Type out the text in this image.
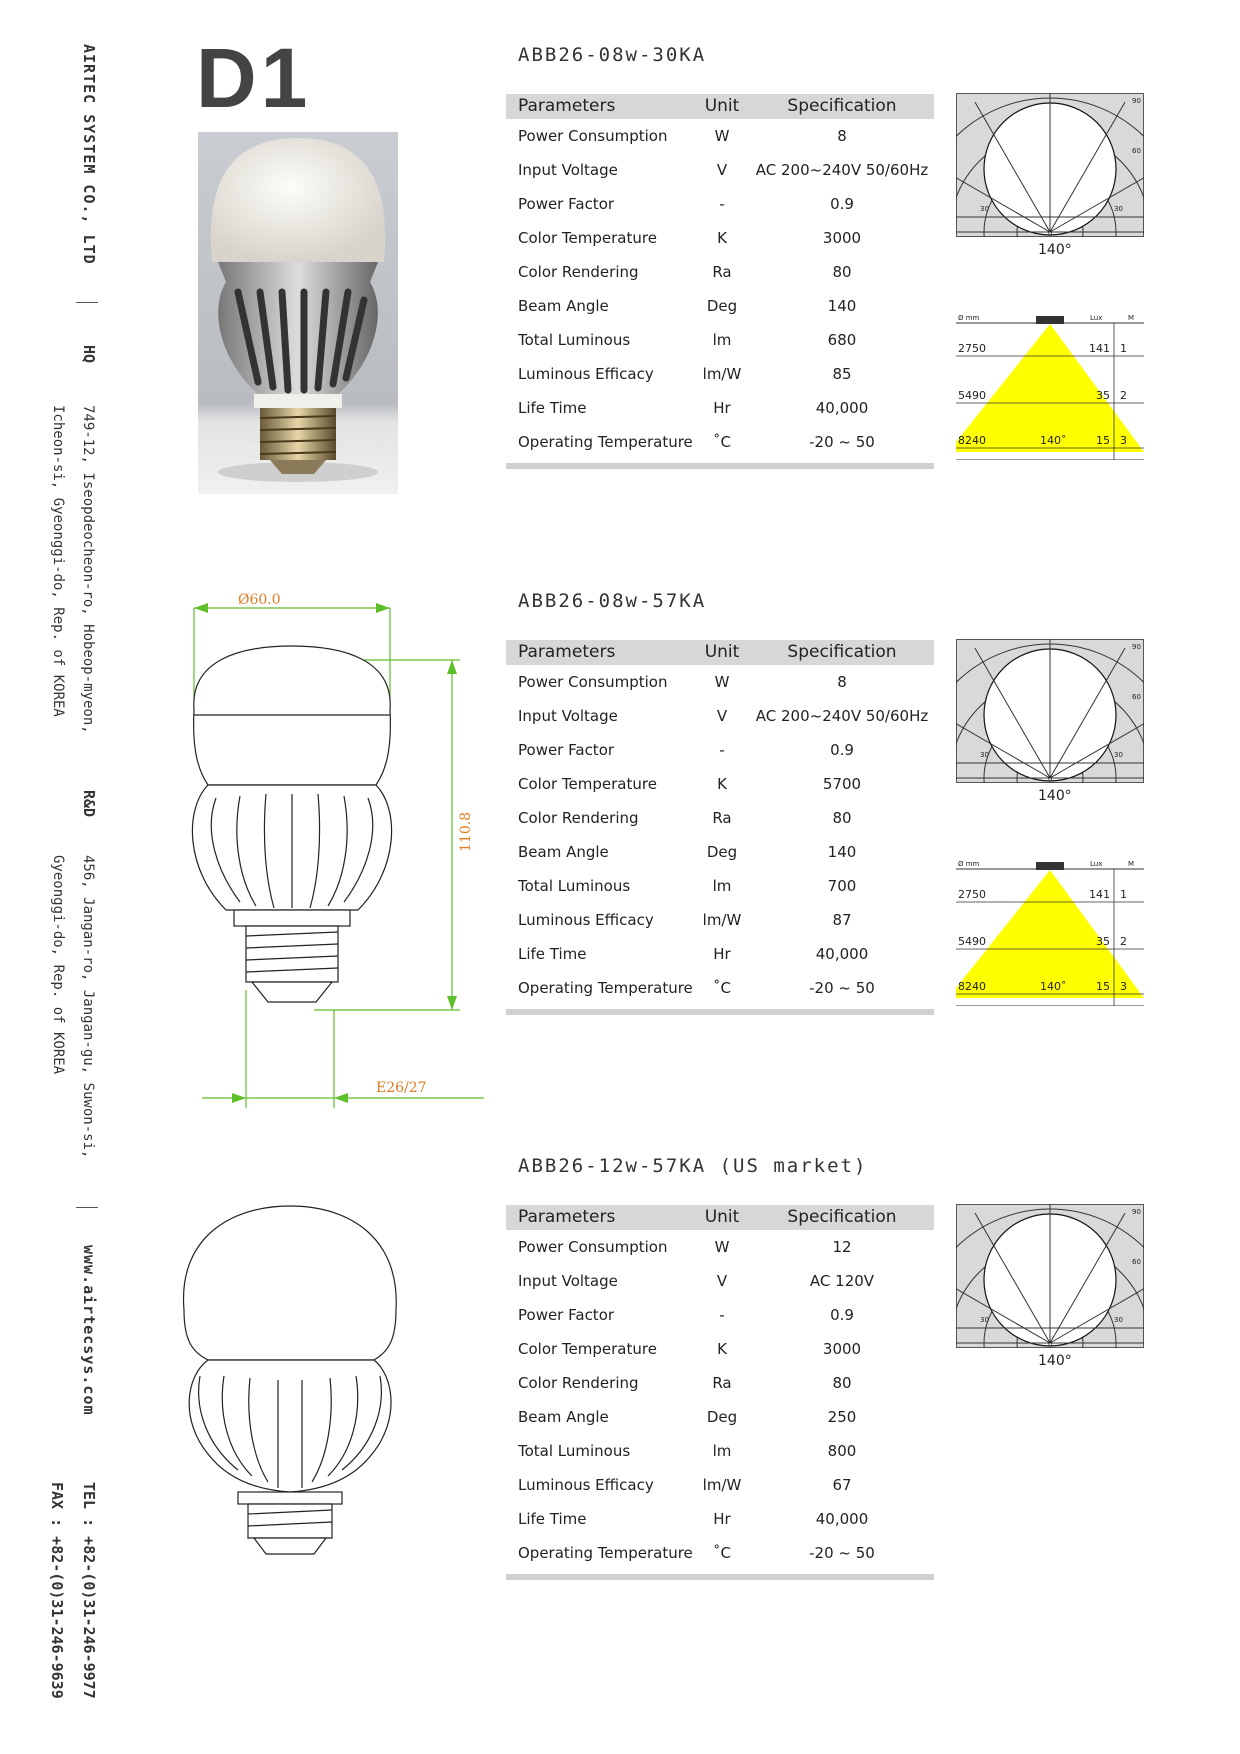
AIRTEC SYSTEM CO., LTD
HQ
749-12, Iseopdeocheon-ro, Hobeop-myeon,
Icheon-si, Gyeonggi-do, Rep. of KOREA
R&D
456, Jangan-ro, Jangan-gu, Suwon-si,
Gyeonggi-do, Rep. of KOREA
www.airtecsys.com
TEL : +82-(0)31-246-9977
FAX : +82-(0)31-246-9639
D1
Ø60.0
110.8
E26/27
ABB26-08w-30KA
Parameters	Unit	Specification
Power Consumption	W	8
Input Voltage	V	AC 200~240V 50/60Hz
Power Factor	-	0.9
Color Temperature	K	3000
Color Rendering	Ra	80
Beam Angle	Deg	140
Total Luminous	lm	680
Luminous Efficacy	lm/W	85
Life Time	Hr	40,000
Operating Temperature	˚C	-20 ~ 50
90
60
30	30
0
140°
Ø mm	Lux	M
2750	141 1
5490	35 2
8240	15 3
140˚
ABB26-08w-57KA
Parameters	Unit	Specification
Power Consumption	W	8
Input Voltage	V	AC 200~240V 50/60Hz
Power Factor	-	0.9
Color Temperature	K	5700
Color Rendering	Ra	80
Beam Angle	Deg	140
Total Luminous	lm	700
Luminous Efficacy	lm/W	87
Life Time	Hr	40,000
Operating Temperature	˚C	-20 ~ 50
90
60
30	30
0
140°
Ø mm	Lux	M
2750	141 1
5490	35 2
8240	15 3
140˚
ABB26-12w-57KA (US market)
Parameters	Unit	Specification
Power Consumption	W	12
Input Voltage	V	AC 120V
Power Factor	-	0.9
Color Temperature	K	3000
Color Rendering	Ra	80
Beam Angle	Deg	250
Total Luminous	lm	800
Luminous Efficacy	lm/W	67
Life Time	Hr	40,000
Operating Temperature	˚C	-20 ~ 50
90
60
30	30
0
140°
